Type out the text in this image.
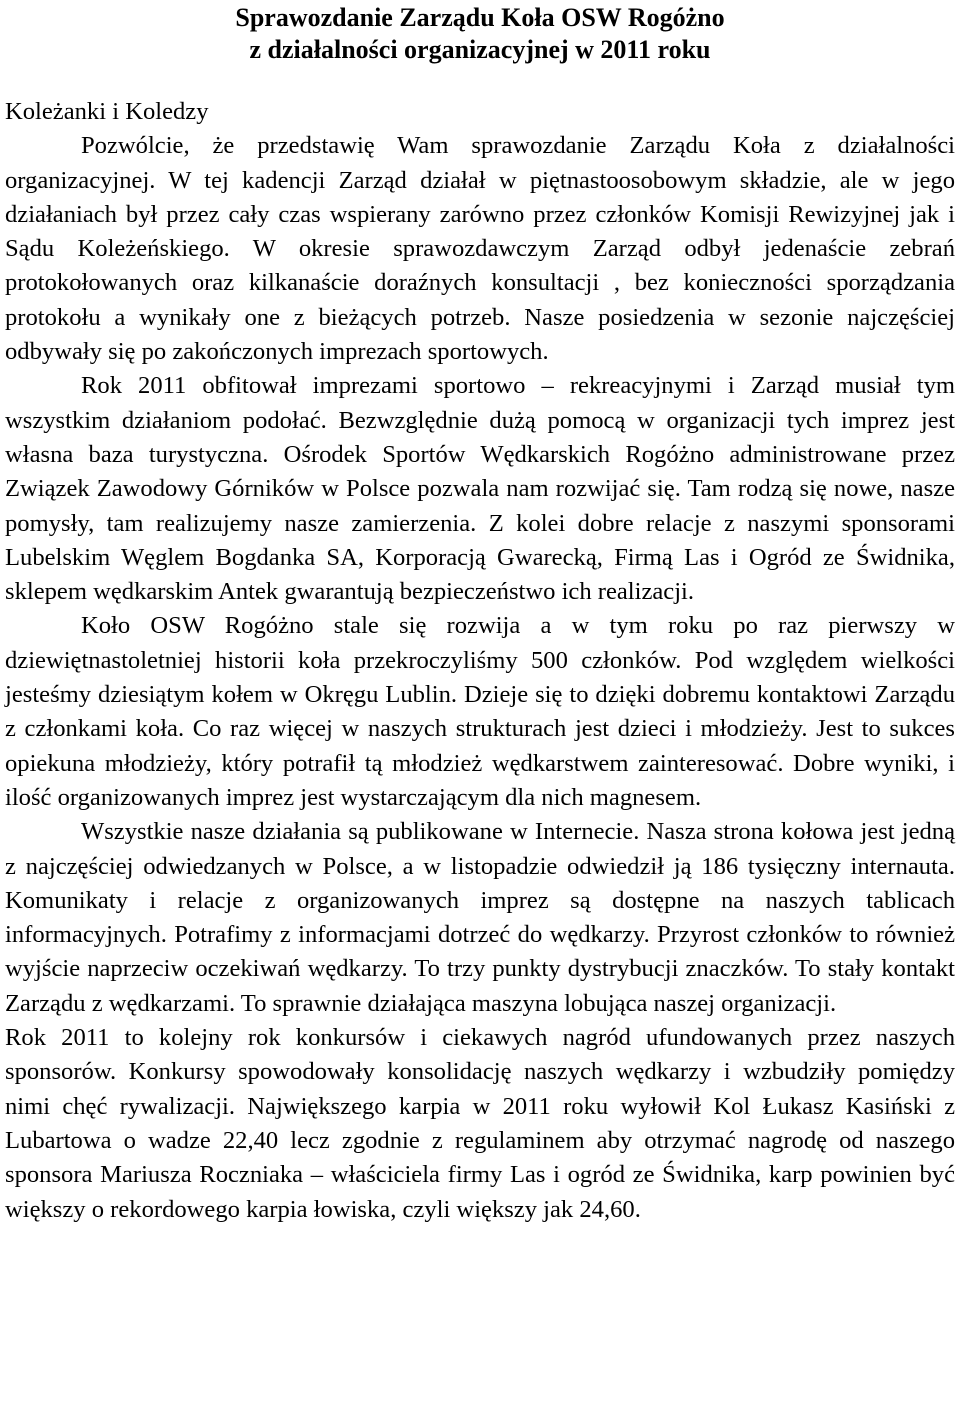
Sprawozdanie Zarządu Koła OSW Rogóżno
z działalności organizacyjnej w 2011 roku

Koleżanki i Koledzy

Pozwólcie, że przedstawię Wam sprawozdanie Zarządu Koła z działalności organizacyjnej. W tej kadencji Zarząd działał w piętnastoosobowym składzie, ale w jego działaniach był przez cały czas wspierany zarówno przez członków Komisji Rewizyjnej jak i Sądu Koleżeńskiego. W okresie sprawozdawczym Zarząd odbył jedenaście zebrań protokołowanych oraz kilkanaście doraźnych konsultacji , bez konieczności sporządzania protokołu a wynikały one z bieżących potrzeb. Nasze posiedzenia w sezonie najczęściej odbywały się po zakończonych imprezach sportowych.

Rok 2011 obfitował imprezami sportowo – rekreacyjnymi i Zarząd musiał tym wszystkim działaniom podołać. Bezwzględnie dużą pomocą w organizacji tych imprez jest własna baza turystyczna. Ośrodek Sportów Wędkarskich Rogóżno administrowane przez Związek Zawodowy Górników w Polsce pozwala nam rozwijać się. Tam rodzą się nowe, nasze pomysły, tam realizujemy nasze zamierzenia. Z kolei dobre relacje z naszymi sponsorami Lubelskim Węglem Bogdanka SA, Korporacją Gwarecką, Firmą Las i Ogród ze Świdnika, sklepem wędkarskim Antek gwarantują bezpieczeństwo ich realizacji.

Koło OSW Rogóżno stale się rozwija a w tym roku po raz pierwszy w dziewiętnastoletniej historii koła przekroczyliśmy 500 członków. Pod względem wielkości jesteśmy dziesiątym kołem w Okręgu Lublin. Dzieje się to dzięki dobremu kontaktowi Zarządu z członkami koła. Co raz więcej w naszych strukturach jest dzieci i młodzieży. Jest to sukces opiekuna młodzieży, który potrafił tą młodzież wędkarstwem zainteresować. Dobre wyniki, i ilość organizowanych imprez jest wystarczającym dla nich magnesem.

Wszystkie nasze działania są publikowane w Internecie. Nasza strona kołowa jest jedną z najczęściej odwiedzanych w Polsce, a w listopadzie odwiedził ją 186 tysięczny internauta. Komunikaty i relacje z organizowanych imprez są dostępne na naszych tablicach informacyjnych. Potrafimy z informacjami dotrzeć do wędkarzy. Przyrost członków to również wyjście naprzeciw oczekiwań wędkarzy. To trzy punkty dystrybucji znaczków. To stały kontakt Zarządu z wędkarzami. To sprawnie działająca maszyna lobująca naszej organizacji.

Rok 2011 to kolejny rok konkursów i ciekawych nagród ufundowanych przez naszych sponsorów. Konkursy spowodowały konsolidację naszych wędkarzy i wzbudziły pomiędzy nimi chęć rywalizacji. Największego karpia w 2011 roku wyłowił Kol Łukasz Kasiński z Lubartowa o wadze 22,40 lecz zgodnie z regulaminem aby otrzymać nagrodę od naszego sponsora Mariusza Roczniaka – właściciela firmy Las i ogród ze Świdnika, karp powinien być większy o rekordowego karpia łowiska, czyli większy jak 24,60.
